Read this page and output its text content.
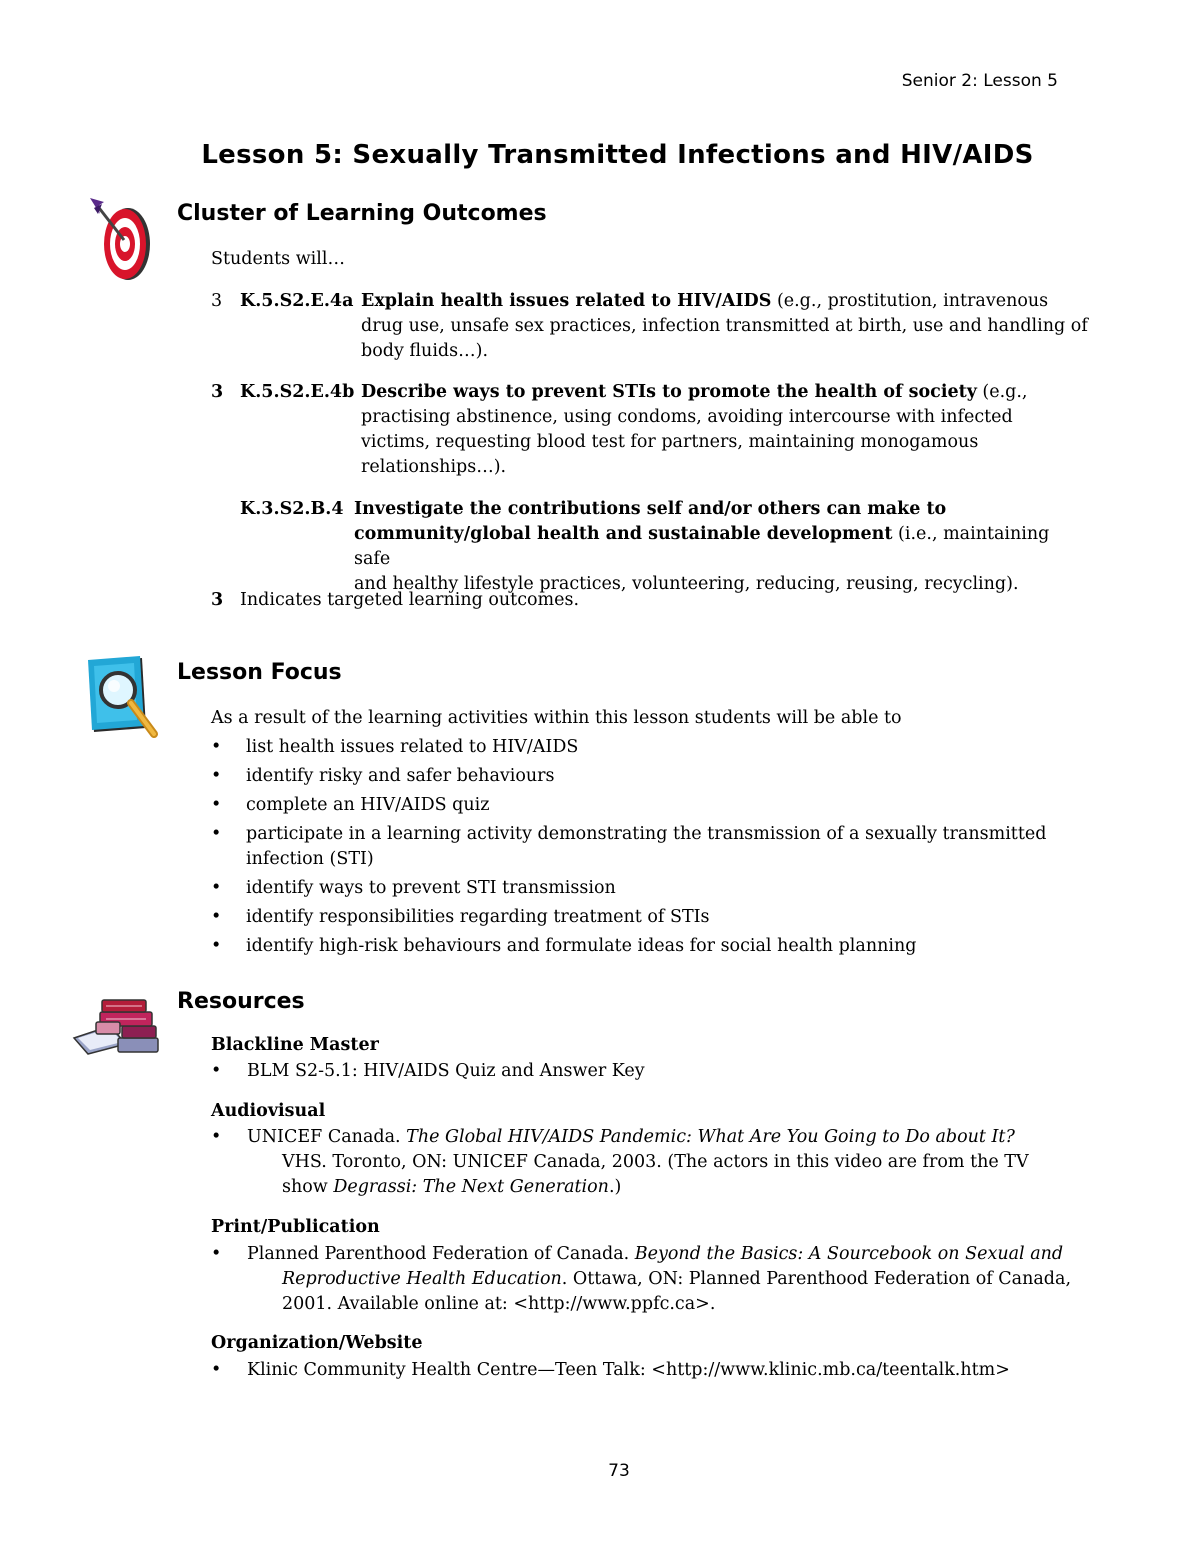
Senior 2: Lesson 5
Lesson 5: Sexually Transmitted Infections and HIV/AIDS
Cluster of Learning Outcomes
Students will…
3 K.5.S2.E.4a Explain health issues related to HIV/AIDS (e.g., prostitution, intravenous
drug use, unsafe sex practices, infection transmitted at birth, use and handling of
body fluids…).
3 K.5.S2.E.4b Describe ways to prevent STIs to promote the health of society (e.g.,
practising abstinence, using condoms, avoiding intercourse with infected
victims, requesting blood test for partners, maintaining monogamous
relationships…).
K.3.S2.B.4 Investigate the contributions self and/or others can make to
community/global health and sustainable development (i.e., maintaining safe
and healthy lifestyle practices, volunteering, reducing, reusing, recycling).
3 Indicates targeted learning outcomes.
Lesson Focus
As a result of the learning activities within this lesson students will be able to
• list health issues related to HIV/AIDS
• identify risky and safer behaviours
• complete an HIV/AIDS quiz
• participate in a learning activity demonstrating the transmission of a sexually transmitted
infection (STI)
• identify ways to prevent STI transmission
• identify responsibilities regarding treatment of STIs
• identify high-risk behaviours and formulate ideas for social health planning
Resources
Blackline Master
• BLM S2-5.1: HIV/AIDS Quiz and Answer Key
Audiovisual
• UNICEF Canada. The Global HIV/AIDS Pandemic: What Are You Going to Do about It?
VHS. Toronto, ON: UNICEF Canada, 2003. (The actors in this video are from the TV
show Degrassi: The Next Generation.)
Print/Publication
• Planned Parenthood Federation of Canada. Beyond the Basics: A Sourcebook on Sexual and
Reproductive Health Education. Ottawa, ON: Planned Parenthood Federation of Canada,
2001. Available online at: <http://www.ppfc.ca>.
Organization/Website
• Klinic Community Health Centre—Teen Talk: <http://www.klinic.mb.ca/teentalk.htm>
73
